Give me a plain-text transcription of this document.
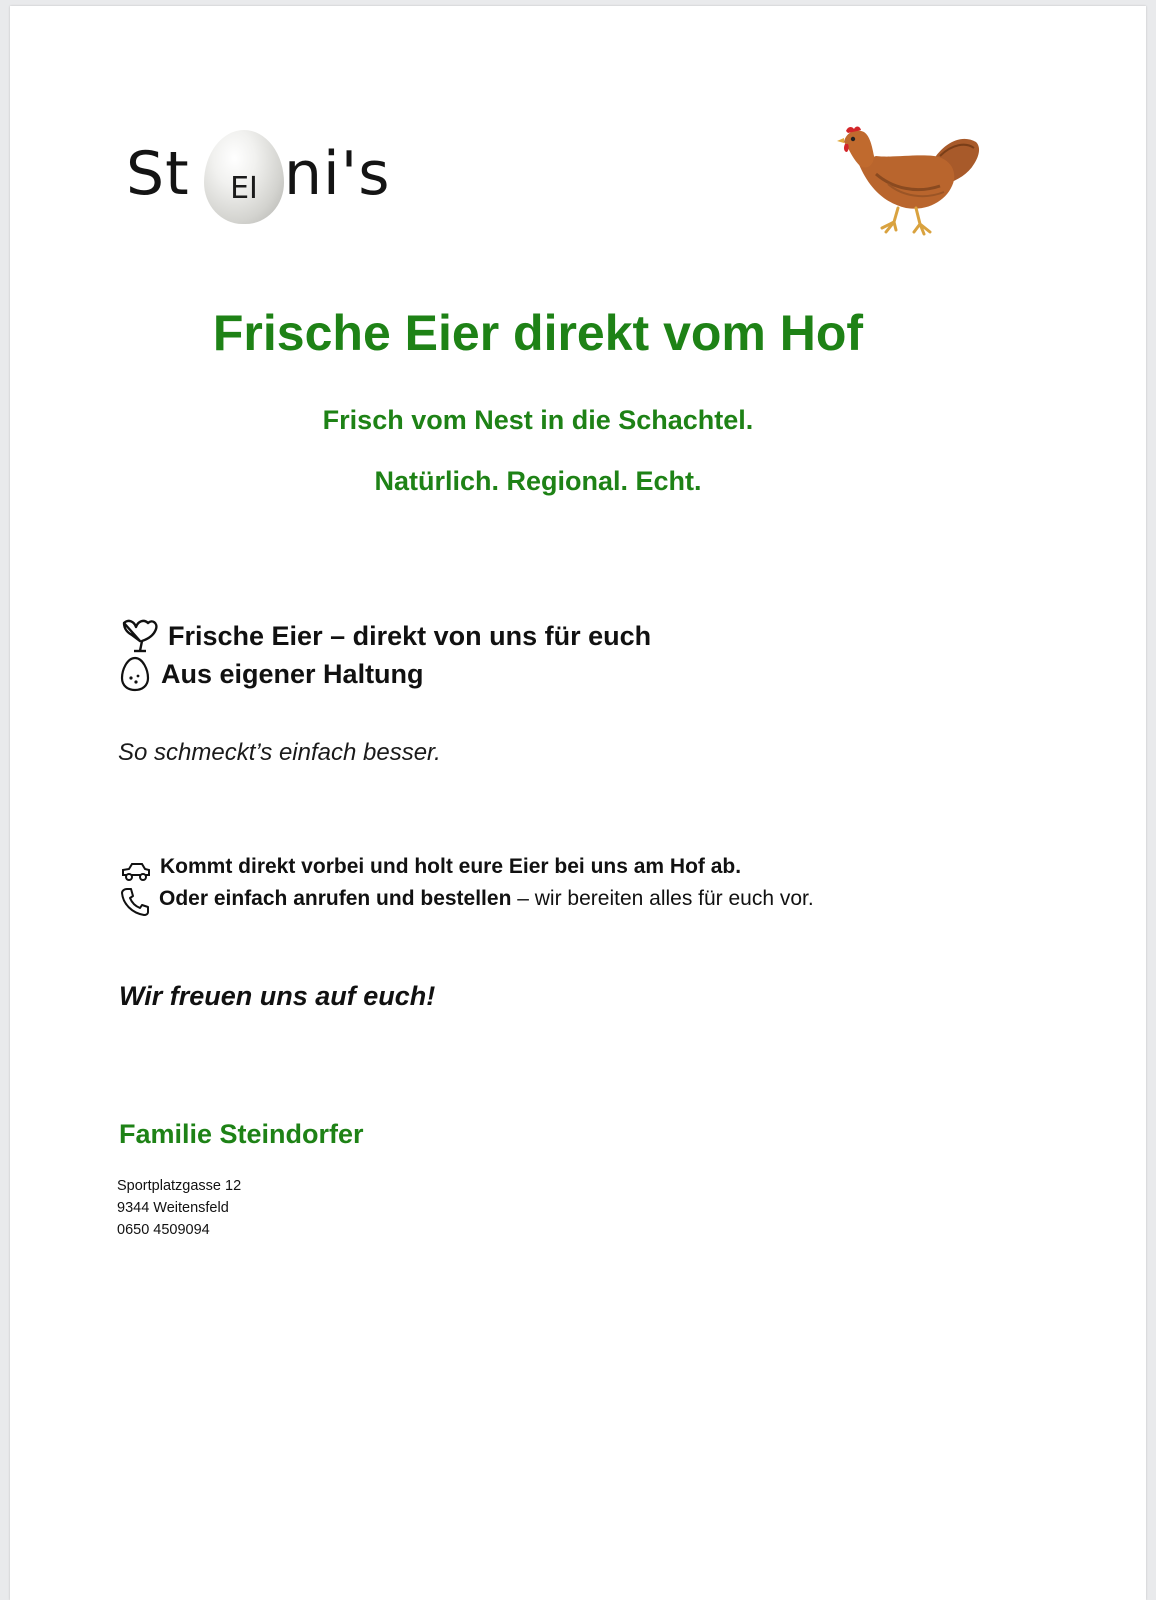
St	EI ni's
Frische Eier direkt vom Hof
Frisch vom Nest in die Schachtel.
Natürlich. Regional. Echt.
Frische Eier – direkt von uns für euch
Aus eigener Haltung
So schmeckt’s einfach besser.
Kommt direkt vorbei und holt eure Eier bei uns am Hof ab.
Oder einfach anrufen und bestellen – wir bereiten alles für euch vor.
Wir freuen uns auf euch!
Familie Steindorfer
Sportplatzgasse 12
9344 Weitensfeld
0650 4509094
